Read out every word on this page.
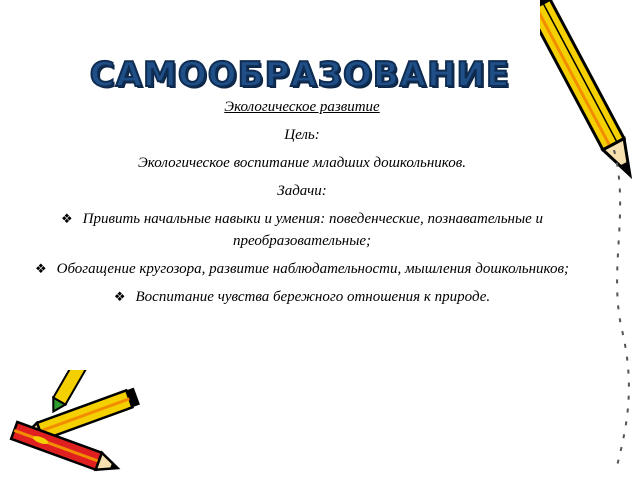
САМООБРАЗОВАНИЕ

Экологическое развитие

Цель:

Экологическое воспитание младших дошкольников.

Задачи:

❖ Привить начальные навыки и умения: поведенческие, познавательные и преобразовательные;
❖ Обогащение кругозора, развитие наблюдательности, мышления дошкольников;
❖ Воспитание чувства бережного отношения к природе.
